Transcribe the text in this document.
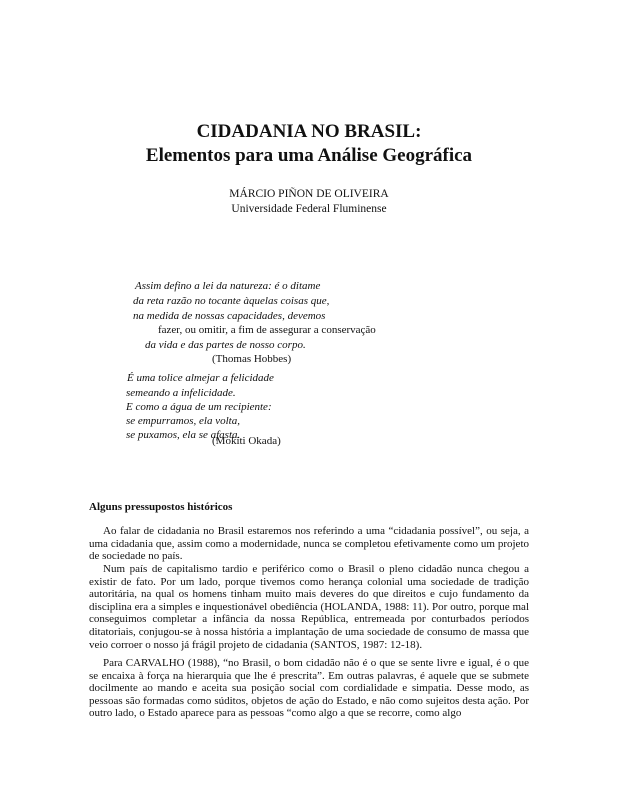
CIDADANIA NO BRASIL:
Elementos para uma Análise Geográfica
MÁRCIO PIÑON DE OLIVEIRA
Universidade Federal Fluminense
Assim defino a lei da natureza: é o ditame
da reta razão no tocante àquelas coisas que,
na medida de nossas capacidades, devemos
fazer, ou omitir, a fim de assegurar a conservação
da vida e das partes de nosso corpo.
(Thomas Hobbes)
É uma tolice almejar a felicidade
semeando a infelicidade.
E como a água de um recipiente:
se empurramos, ela volta,
se puxamos, ela se afasta.
(Mokiti Okada)
Alguns pressupostos históricos
Ao falar de cidadania no Brasil estaremos nos referindo a uma “cidadania possível”, ou seja, a uma cidadania que, assim como a modernidade, nunca se completou efetivamente como um projeto de sociedade no país.
Num país de capitalismo tardio e periférico como o Brasil o pleno cidadão nunca chegou a existir de fato. Por um lado, porque tivemos como herança colonial uma sociedade de tradição autoritária, na qual os homens tinham muito mais deveres do que direitos e cujo fundamento da disciplina era a simples e inquestionável obediência (HOLANDA, 1988: 11). Por outro, porque mal conseguimos completar a infância da nossa República, entremeada por conturbados períodos ditatoriais, conjugou-se à nossa história a implantação de uma sociedade de consumo de massa que veio corroer o nosso já frágil projeto de cidadania (SANTOS, 1987: 12-18).
Para CARVALHO (1988), “no Brasil, o bom cidadão não é o que se sente livre e igual, é o que se encaixa à força na hierarquia que lhe é prescrita”. Em outras palavras, é aquele que se submete docilmente ao mando e aceita sua posição social com cordialidade e simpatia. Desse modo, as pessoas são formadas como súditos, objetos de ação do Estado, e não como sujeitos desta ação. Por outro lado, o Estado aparece para as pessoas “como algo a que se recorre, como algo
